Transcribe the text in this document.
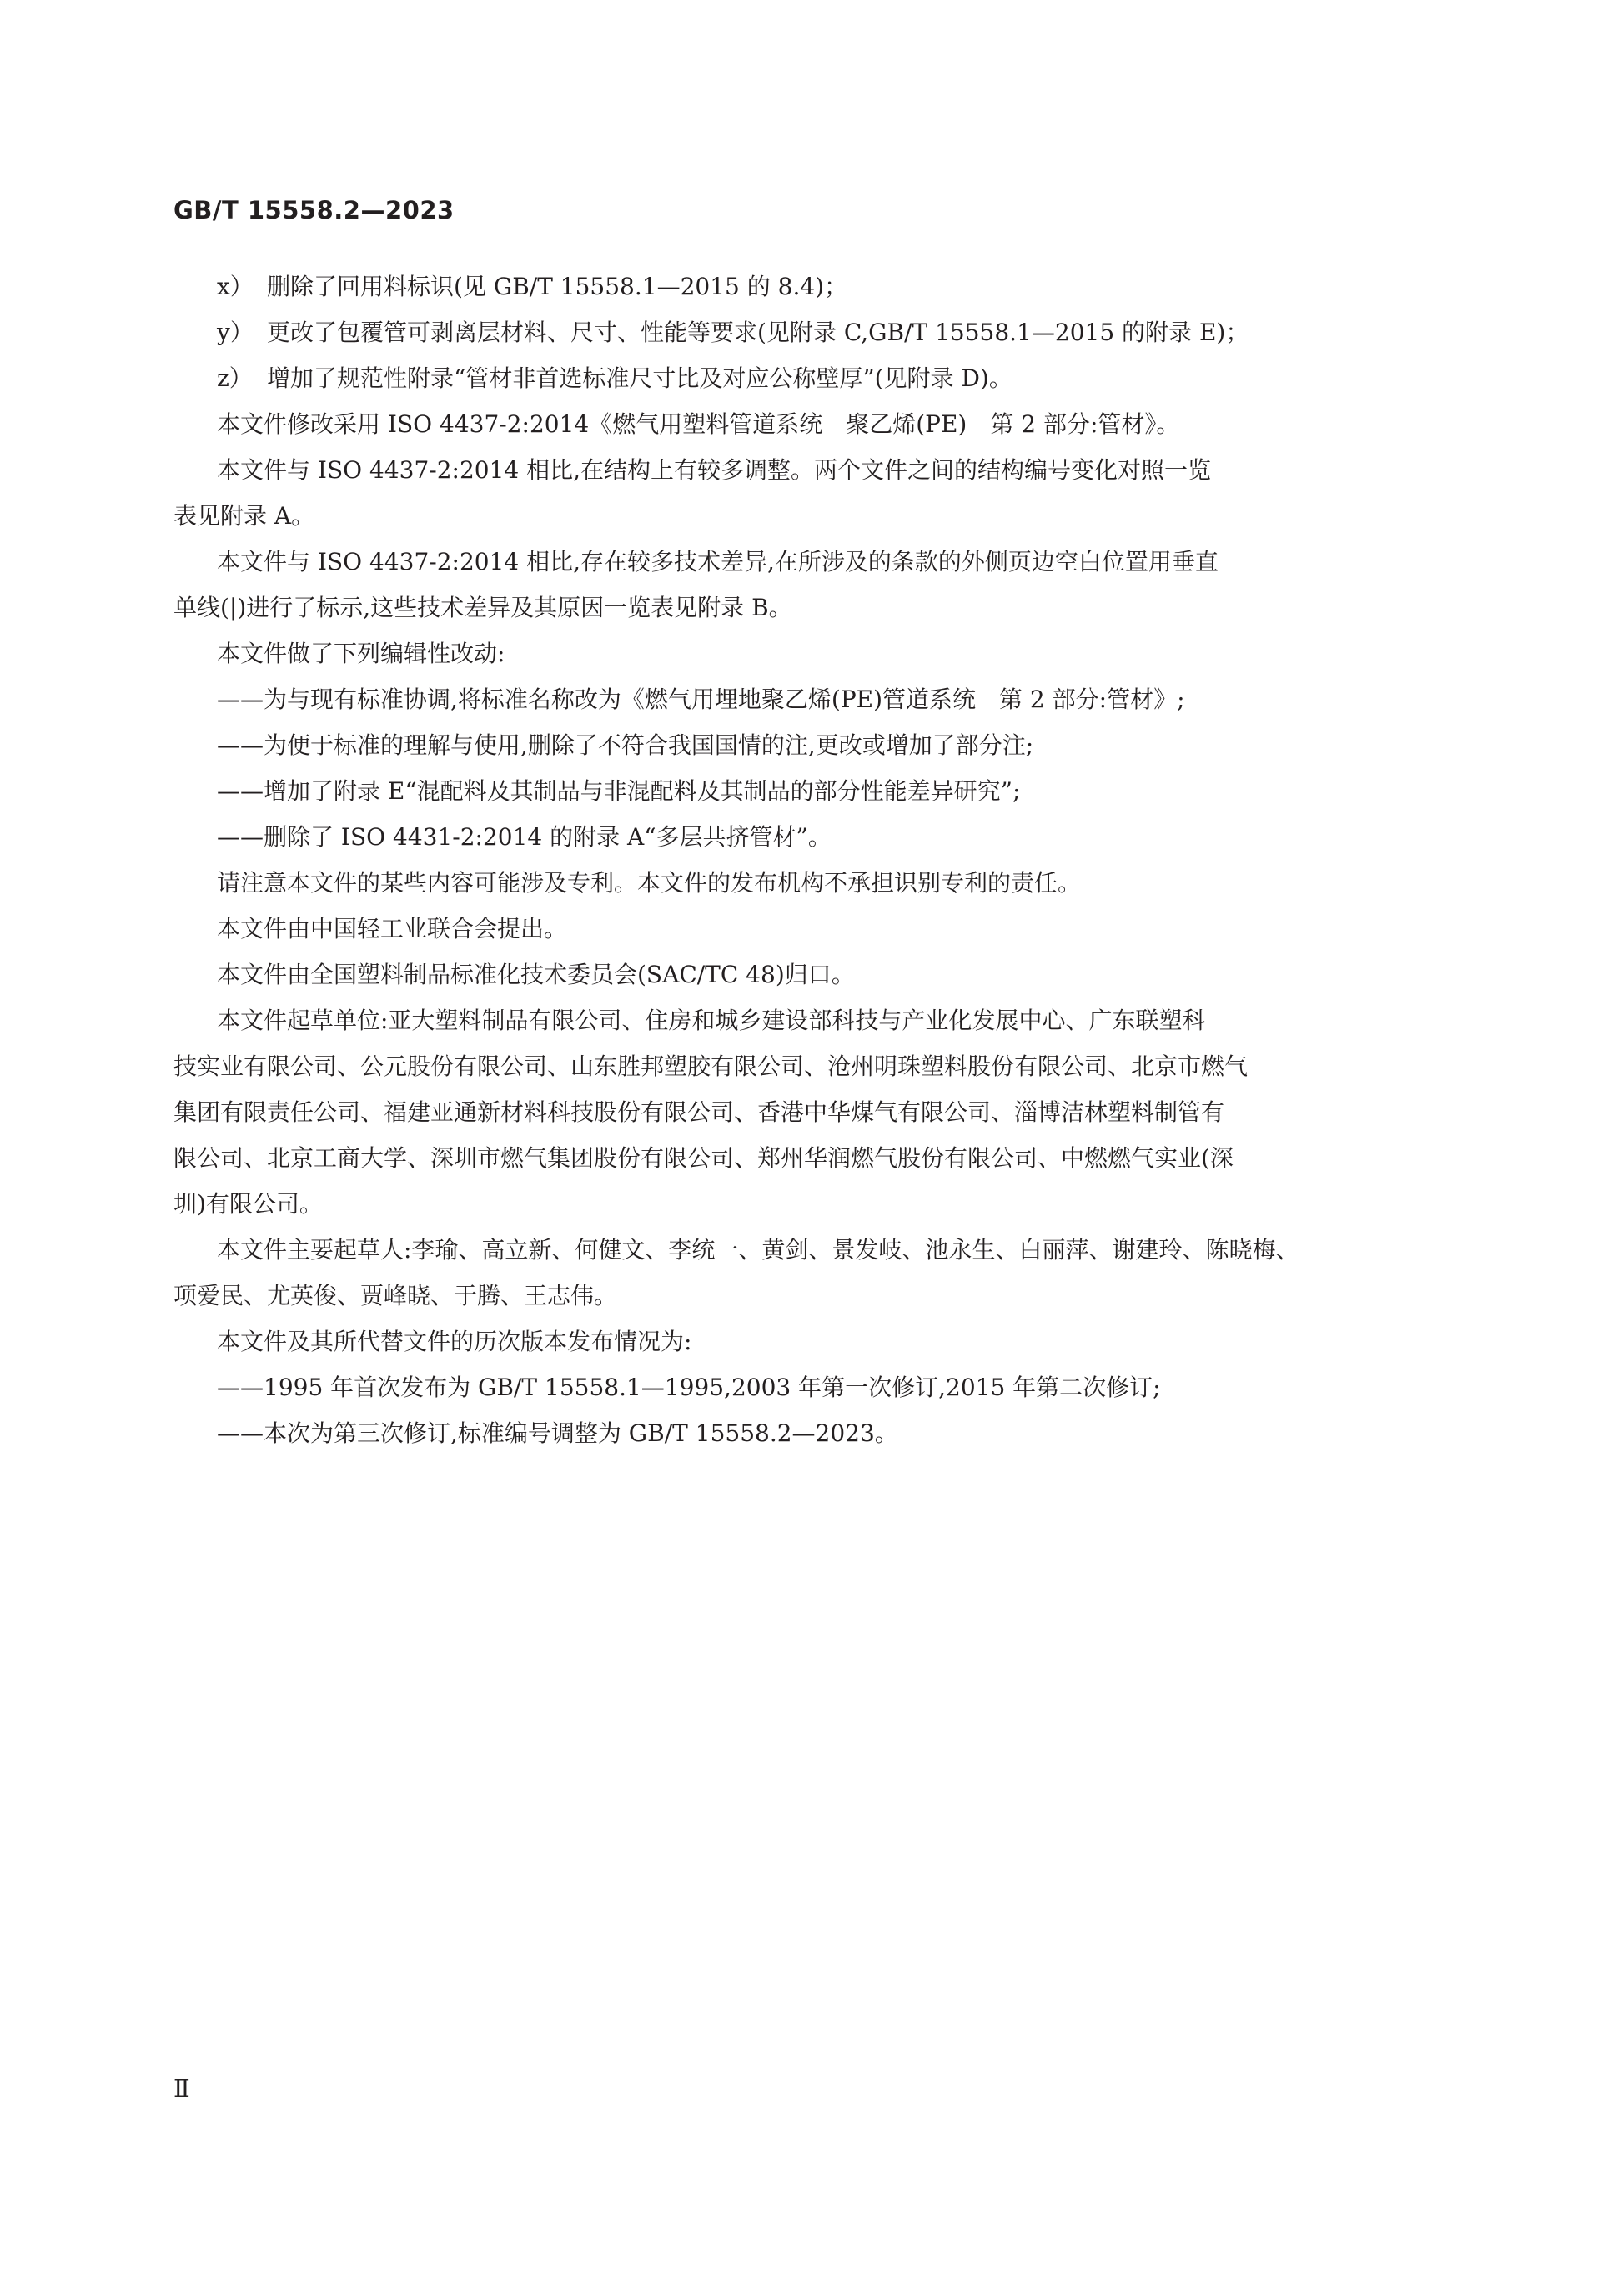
GB/T 15558.2—2023

x） 删除了回用料标识(见 GB/T 15558.1—2015 的 8.4)；

y） 更改了包覆管可剥离层材料、尺寸、性能等要求(见附录 C,GB/T 15558.1—2015 的附录 E)；

z） 增加了规范性附录“管材非首选标准尺寸比及对应公称壁厚”(见附录 D)。

本文件修改采用 ISO 4437-2:2014《燃气用塑料管道系统　聚乙烯(PE)　第 2 部分:管材》。

本文件与 ISO 4437-2:2014 相比,在结构上有较多调整。两个文件之间的结构编号变化对照一览
表见附录 A。

本文件与 ISO 4437-2:2014 相比,存在较多技术差异,在所涉及的条款的外侧页边空白位置用垂直
单线(|)进行了标示,这些技术差异及其原因一览表见附录 B。

本文件做了下列编辑性改动:

——为与现有标准协调,将标准名称改为《燃气用埋地聚乙烯(PE)管道系统　第 2 部分:管材》;

——为便于标准的理解与使用,删除了不符合我国国情的注,更改或增加了部分注;

——增加了附录 E“混配料及其制品与非混配料及其制品的部分性能差异研究”;

——删除了 ISO 4431-2:2014 的附录 A“多层共挤管材”。

请注意本文件的某些内容可能涉及专利。本文件的发布机构不承担识别专利的责任。

本文件由中国轻工业联合会提出。

本文件由全国塑料制品标准化技术委员会(SAC/TC 48)归口。

本文件起草单位:亚大塑料制品有限公司、住房和城乡建设部科技与产业化发展中心、广东联塑科
技实业有限公司、公元股份有限公司、山东胜邦塑胶有限公司、沧州明珠塑料股份有限公司、北京市燃气
集团有限责任公司、福建亚通新材料科技股份有限公司、香港中华煤气有限公司、淄博洁林塑料制管有
限公司、北京工商大学、深圳市燃气集团股份有限公司、郑州华润燃气股份有限公司、中燃燃气实业(深
圳)有限公司。

本文件主要起草人:李瑜、高立新、何健文、李统一、黄剑、景发岐、池永生、白丽萍、谢建玲、陈晓梅、
项爱民、尤英俊、贾峰晓、于腾、王志伟。

本文件及其所代替文件的历次版本发布情况为:

——1995 年首次发布为 GB/T 15558.1—1995,2003 年第一次修订,2015 年第二次修订;

——本次为第三次修订,标准编号调整为 GB/T 15558.2—2023。

Ⅱ
